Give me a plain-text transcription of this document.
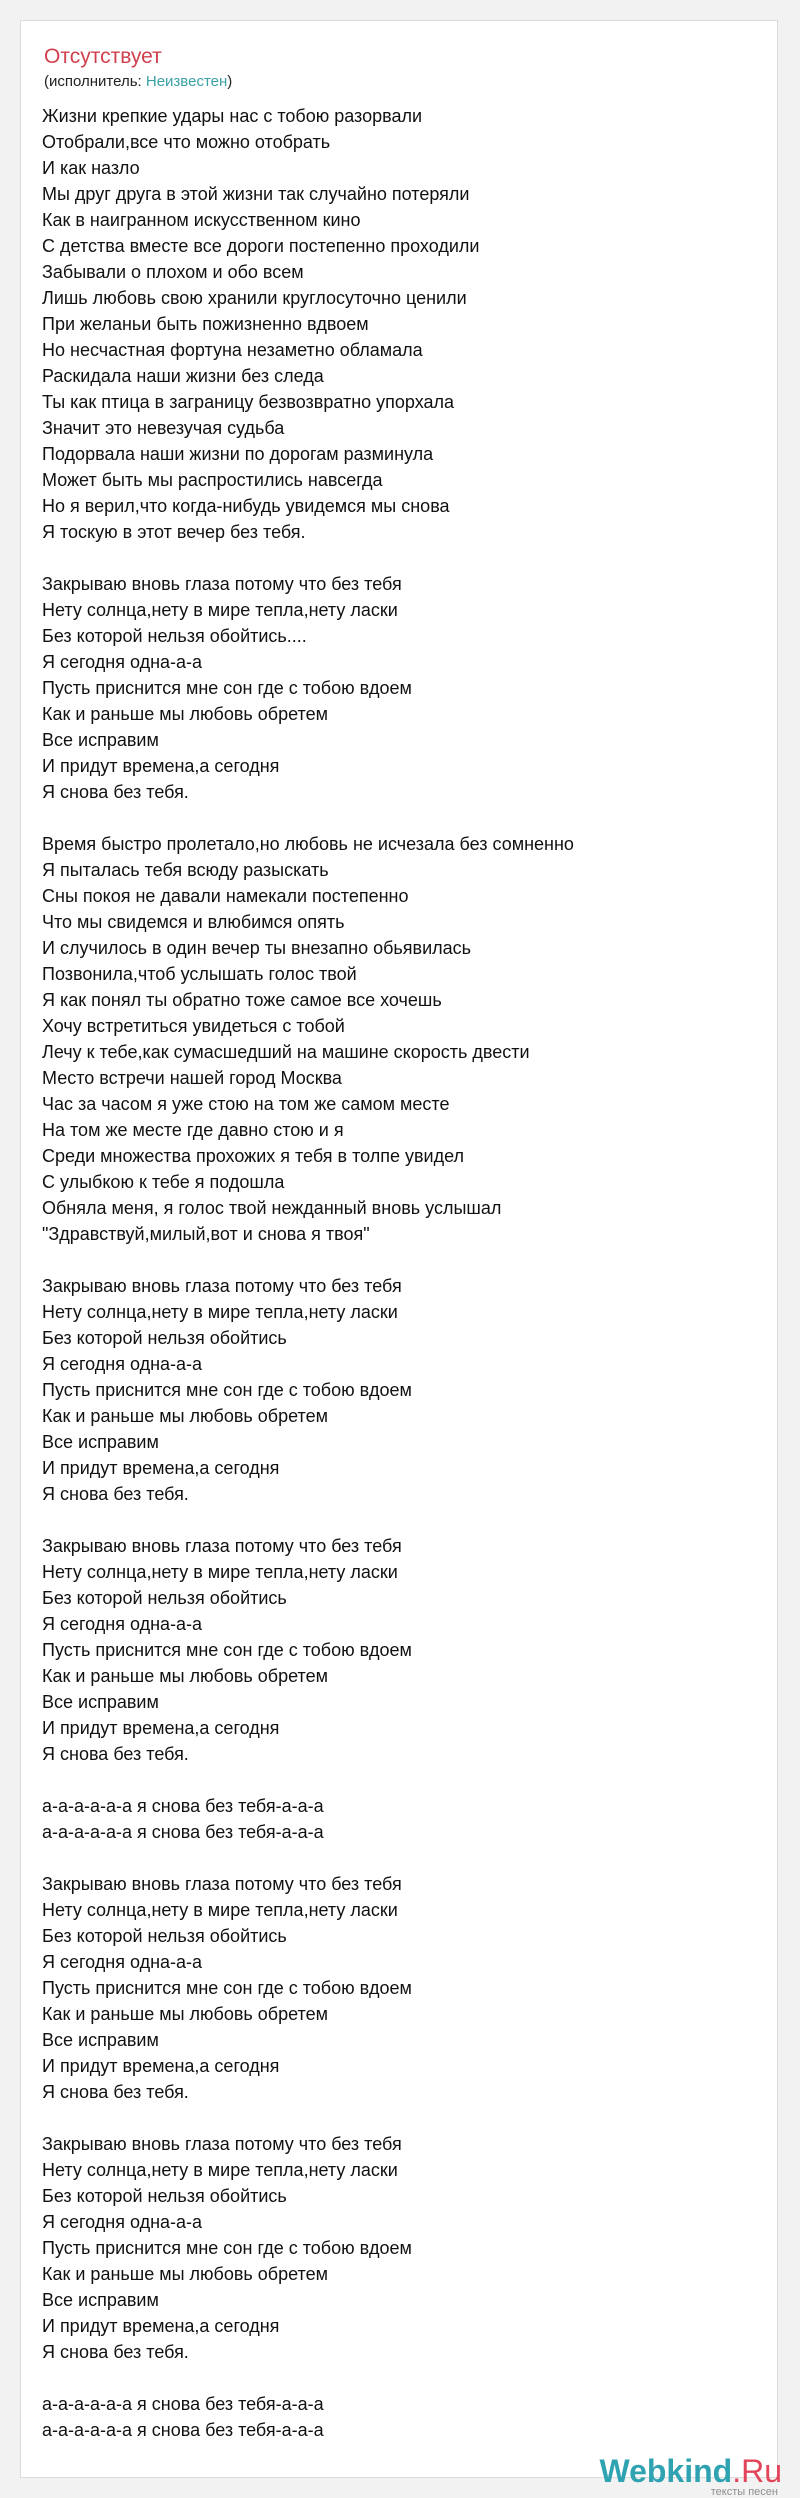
Отсутствует
(исполнитель: Неизвестен)
Жизни крепкие удары нас с тобою разорвали
Отобрали,все что можно отобрать
И как назло
Мы друг друга в этой жизни так случайно потеряли
Как в наигранном искусственном кино
С детства вместе все дороги постепенно проходили
Забывали о плохом и обо всем
Лишь любовь свою хранили круглосуточно ценили
При желаньи быть пожизненно вдвоем
Но несчастная фортуна незаметно обламала
Раскидала наши жизни без следа
Ты как птица в заграницу безвозвратно упорхала
Значит это невезучая судьба
Подорвала наши жизни по дорогам разминула
Может быть мы распростились навсегда
Но я верил,что когда-нибудь увидемся мы снова
Я тоскую в этот вечер без тебя.
Закрываю вновь глаза потому что без тебя
Нету солнца,нету в мире тепла,нету ласки
Без которой нельзя обойтись....
Я сегодня одна-а-а
Пусть приснится мне сон где с тобою вдоем
Как и раньше мы любовь обретем
Все исправим
И придут времена,а сегодня
Я снова без тебя.
Время быстро пролетало,но любовь не исчезала без сомненно
Я пыталась тебя всюду разыскать
Сны покоя не давали намекали постепенно
Что мы свидемся и влюбимся опять
И случилось в один вечер ты внезапно обьявилась
Позвонила,чтоб услышать голос твой
Я как понял ты обратно тоже самое все хочешь
Хочу встретиться увидеться с тобой
Лечу к тебе,как сумасшедший на машине скорость двести
Место встречи нашей город Москва
Час за часом я уже стою на том же самом месте
На том же месте где давно стою и я
Среди множества прохожих я тебя в толпе увидел
С улыбкою к тебе я подошла
Обняла меня, я голос твой нежданный вновь услышал
"Здравствуй,милый,вот и снова я твоя"
Закрываю вновь глаза потому что без тебя
Нету солнца,нету в мире тепла,нету ласки
Без которой нельзя обойтись
Я сегодня одна-а-а
Пусть приснится мне сон где с тобою вдоем
Как и раньше мы любовь обретем
Все исправим
И придут времена,а сегодня
Я снова без тебя.
Закрываю вновь глаза потому что без тебя
Нету солнца,нету в мире тепла,нету ласки
Без которой нельзя обойтись
Я сегодня одна-а-а
Пусть приснится мне сон где с тобою вдоем
Как и раньше мы любовь обретем
Все исправим
И придут времена,а сегодня
Я снова без тебя.
а-а-а-а-а-а я снова без тебя-а-а-а
а-а-а-а-а-а я снова без тебя-а-а-а
Закрываю вновь глаза потому что без тебя
Нету солнца,нету в мире тепла,нету ласки
Без которой нельзя обойтись
Я сегодня одна-а-а
Пусть приснится мне сон где с тобою вдоем
Как и раньше мы любовь обретем
Все исправим
И придут времена,а сегодня
Я снова без тебя.
Закрываю вновь глаза потому что без тебя
Нету солнца,нету в мире тепла,нету ласки
Без которой нельзя обойтись
Я сегодня одна-а-а
Пусть приснится мне сон где с тобою вдоем
Как и раньше мы любовь обретем
Все исправим
И придут времена,а сегодня
Я снова без тебя.
а-а-а-а-а-а я снова без тебя-а-а-а
а-а-а-а-а-а я снова без тебя-а-а-а
Webkind.Ru
тексты песен
